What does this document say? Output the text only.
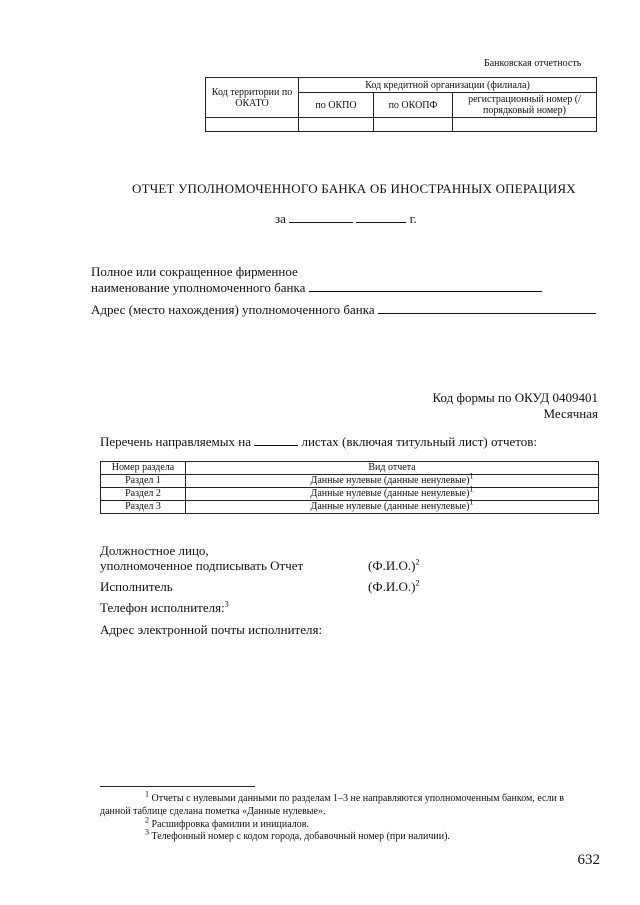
Банковская отчетность
Код территории по ОКАТО	Код кредитной организации (филиала)		
	по ОКПО	по ОКОПФ	регистрационный номер (/порядковый номер)

ОТЧЕТ УПОЛНОМОЧЕННОГО БАНКА ОБ ИНОСТРАННЫХ ОПЕРАЦИЯХ
за	г.
Полное или сокращенное фирменное
наименование уполномоченного банка
Адрес (место нахождения) уполномоченного банка
Код формы по ОКУД 0409401
Месячная
Перечень направляемых на	листах (включая титульный лист) отчетов:
Номер раздела	Вид отчета
Раздел 1	Данные нулевые (данные ненулевые)$^1$
Раздел 2	Данные нулевые (данные ненулевые)$^1$
Раздел 3	Данные нулевые (данные ненулевые)$^1$
Должностное лицо,
уполномоченное подписывать Отчет	$(Ф.И.О.)^2$
Исполнитель	$(Ф.И.О.)^2$
Телефон исполнителя:$^3$
Адрес электронной почты исполнителя:
$^1$ Отчеты с нулевыми данными по разделам 1–3 не направляются уполномоченным банком, если в
данной таблице сделана пометка «Данные нулевые».
$^2$ Расшифровка фамилии и инициалов.
$^3$ Телефонный номер с кодом города, добавочный номер (при наличии).
632
